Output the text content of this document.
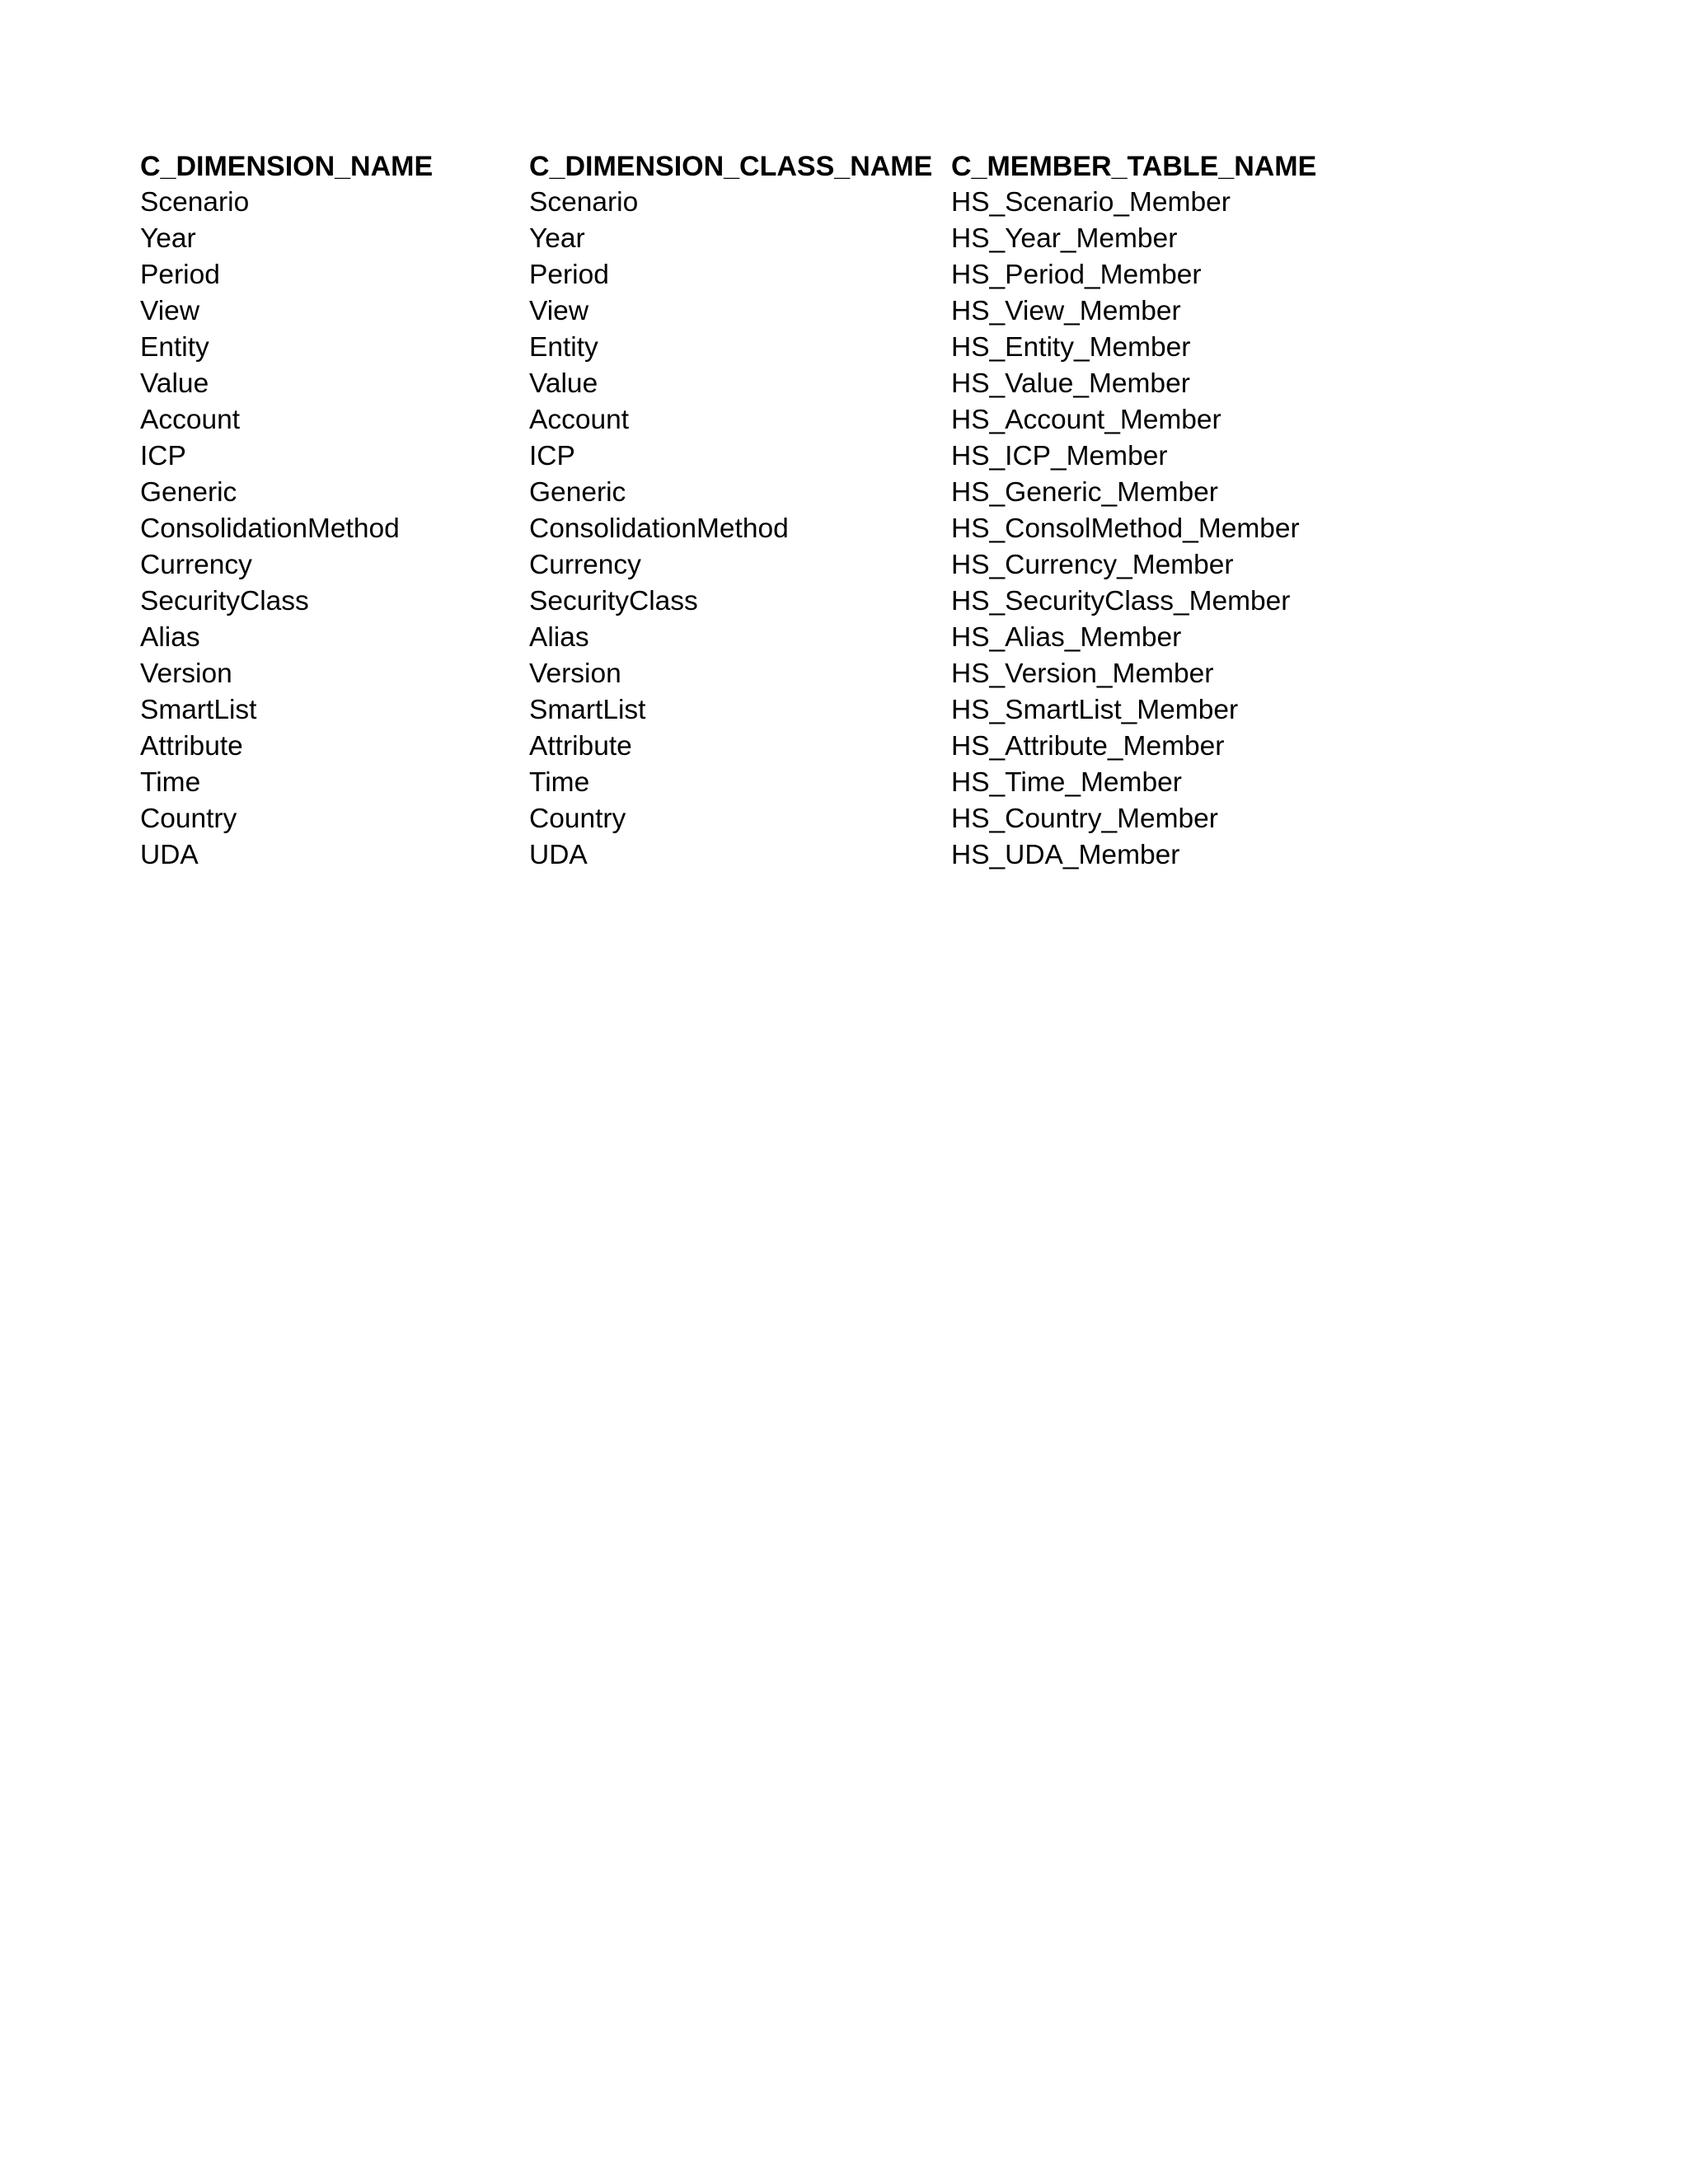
C_DIMENSION_NAME	C_DIMENSION_CLASS_NAME C_MEMBER_TABLE_NAME
Scenario	Scenario	HS_Scenario_Member
Year	Year	HS_Year_Member
Period	Period	HS_Period_Member
View	View	HS_View_Member
Entity	Entity	HS_Entity_Member
Value	Value	HS_Value_Member
Account	Account	HS_Account_Member
ICP	ICP	HS_ICP_Member
Generic	Generic	HS_Generic_Member
ConsolidationMethod	ConsolidationMethod	HS_ConsolMethod_Member
Currency	Currency	HS_Currency_Member
SecurityClass	SecurityClass	HS_SecurityClass_Member
Alias	Alias	HS_Alias_Member
Version	Version	HS_Version_Member
SmartList	SmartList	HS_SmartList_Member
Attribute	Attribute	HS_Attribute_Member
Time	Time	HS_Time_Member
Country	Country	HS_Country_Member
UDA	UDA	HS_UDA_Member
